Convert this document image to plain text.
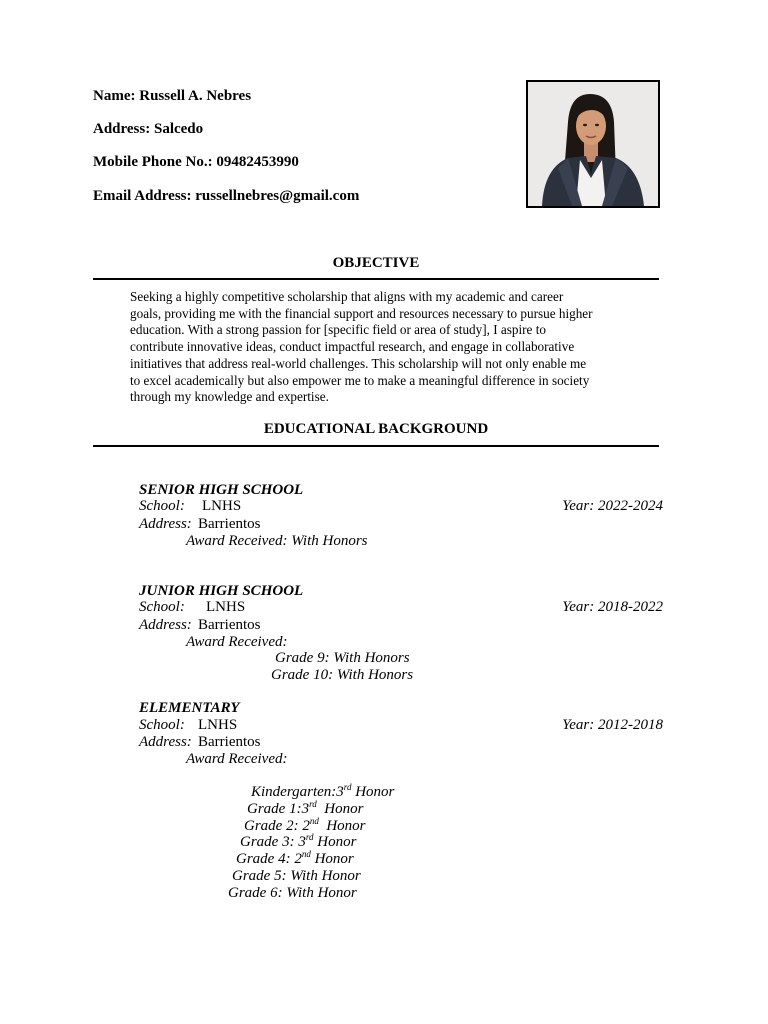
Name: Russell A. Nebres
Address: Salcedo
Mobile Phone No.: 09482453990
Email Address: russellnebres@gmail.com
OBJECTIVE
Seeking a highly competitive scholarship that aligns with my academic and career
goals, providing me with the financial support and resources necessary to pursue higher
education. With a strong passion for [specific field or area of study], I aspire to
contribute innovative ideas, conduct impactful research, and engage in collaborative
initiatives that address real-world challenges. This scholarship will not only enable me
to excel academically but also empower me to make a meaningful difference in society
through my knowledge and expertise.
EDUCATIONAL BACKGROUND
SENIOR HIGH SCHOOL
School: LNHS	Year: 2022-2024
Address: Barrientos
Award Received: With Honors
JUNIOR HIGH SCHOOL
School: LNHS	Year: 2018-2022
Address: Barrientos
Award Received:
Grade 9: With Honors
Grade 10: With Honors
ELEMENTARY
School: LNHS	Year: 2012-2018
Address: Barrientos
Award Received:
Kindergarten:3rd Honor
Grade 1:3rd  Honor
Grade 2: 2nd  Honor
Grade 3: 3rd Honor
Grade 4: 2nd Honor
Grade 5: With Honor
Grade 6: With Honor
